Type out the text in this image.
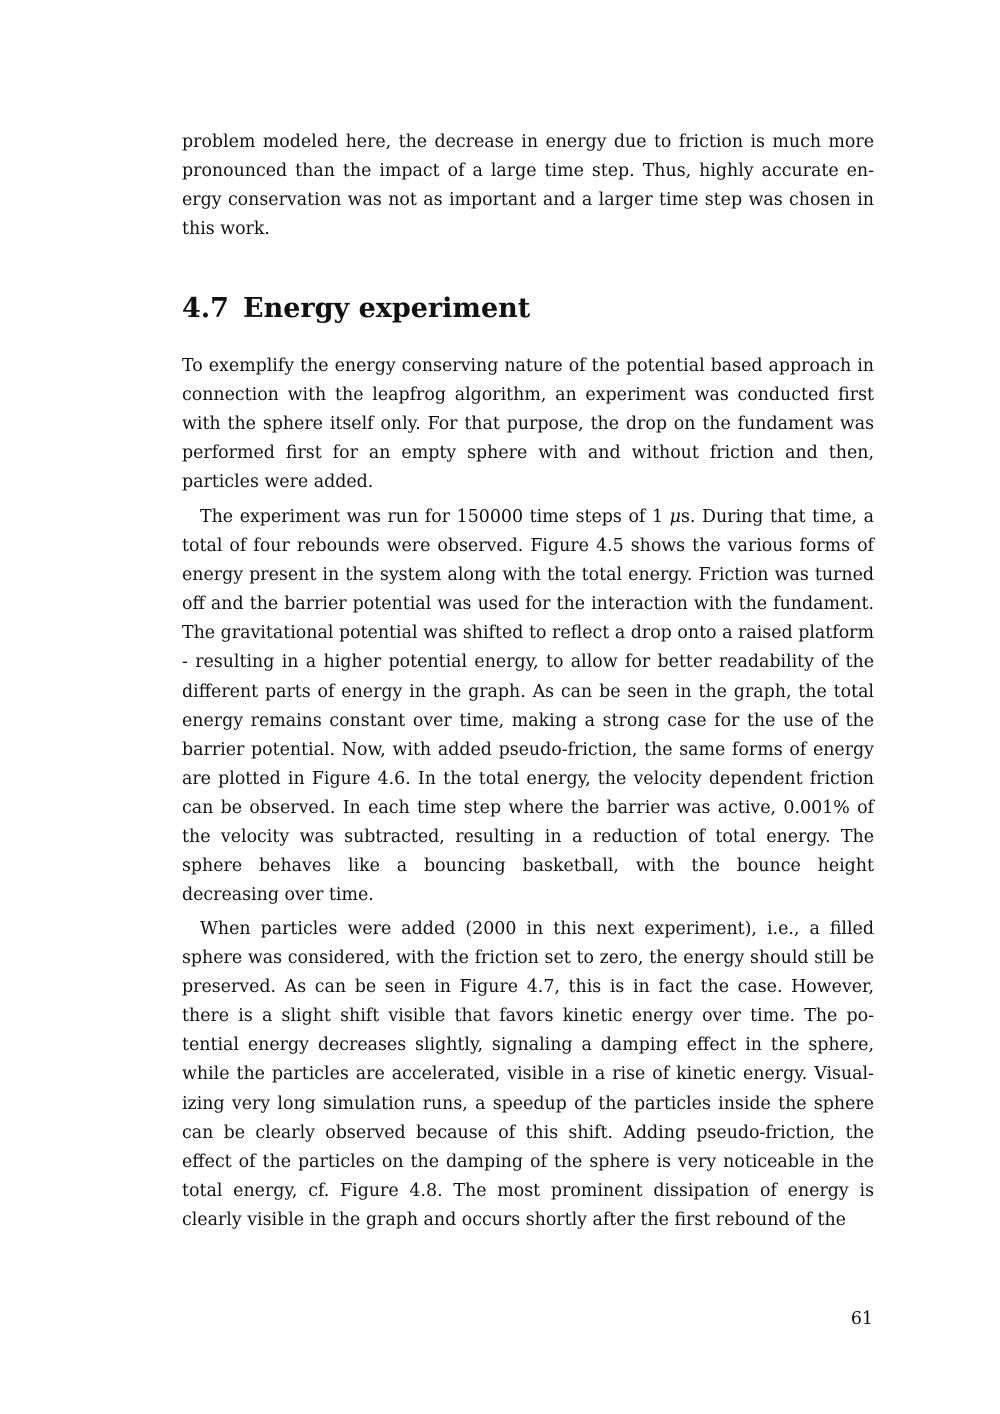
problem modeled here, the decrease in energy due to friction is much more pronounced than the impact of a large time step. Thus, highly accurate energy conservation was not as important and a larger time step was chosen in this work.

4.7 Energy experiment

To exemplify the energy conserving nature of the potential based approach in connection with the leapfrog algorithm, an experiment was conducted first with the sphere itself only. For that purpose, the drop on the fundament was performed first for an empty sphere with and without friction and then, particles were added.

The experiment was run for 150000 time steps of 1 μs. During that time, a total of four rebounds were observed. Figure 4.5 shows the various forms of energy present in the system along with the total energy. Friction was turned off and the barrier potential was used for the interaction with the fundament. The gravitational potential was shifted to reflect a drop onto a raised platform - resulting in a higher potential energy, to allow for better readability of the different parts of energy in the graph. As can be seen in the graph, the total energy remains constant over time, making a strong case for the use of the barrier potential. Now, with added pseudo-friction, the same forms of energy are plotted in Figure 4.6. In the total energy, the velocity dependent friction can be observed. In each time step where the barrier was active, 0.001% of the velocity was subtracted, resulting in a reduction of total energy. The sphere behaves like a bouncing basketball, with the bounce height decreasing over time.

When particles were added (2000 in this next experiment), i.e., a filled sphere was considered, with the friction set to zero, the energy should still be preserved. As can be seen in Figure 4.7, this is in fact the case. However, there is a slight shift visible that favors kinetic energy over time. The potential energy decreases slightly, signaling a damping effect in the sphere, while the particles are accelerated, visible in a rise of kinetic energy. Visualizing very long simulation runs, a speedup of the particles inside the sphere can be clearly observed because of this shift. Adding pseudo-friction, the effect of the particles on the damping of the sphere is very noticeable in the total energy, cf. Figure 4.8. The most prominent dissipation of energy is clearly visible in the graph and occurs shortly after the first rebound of the

61
